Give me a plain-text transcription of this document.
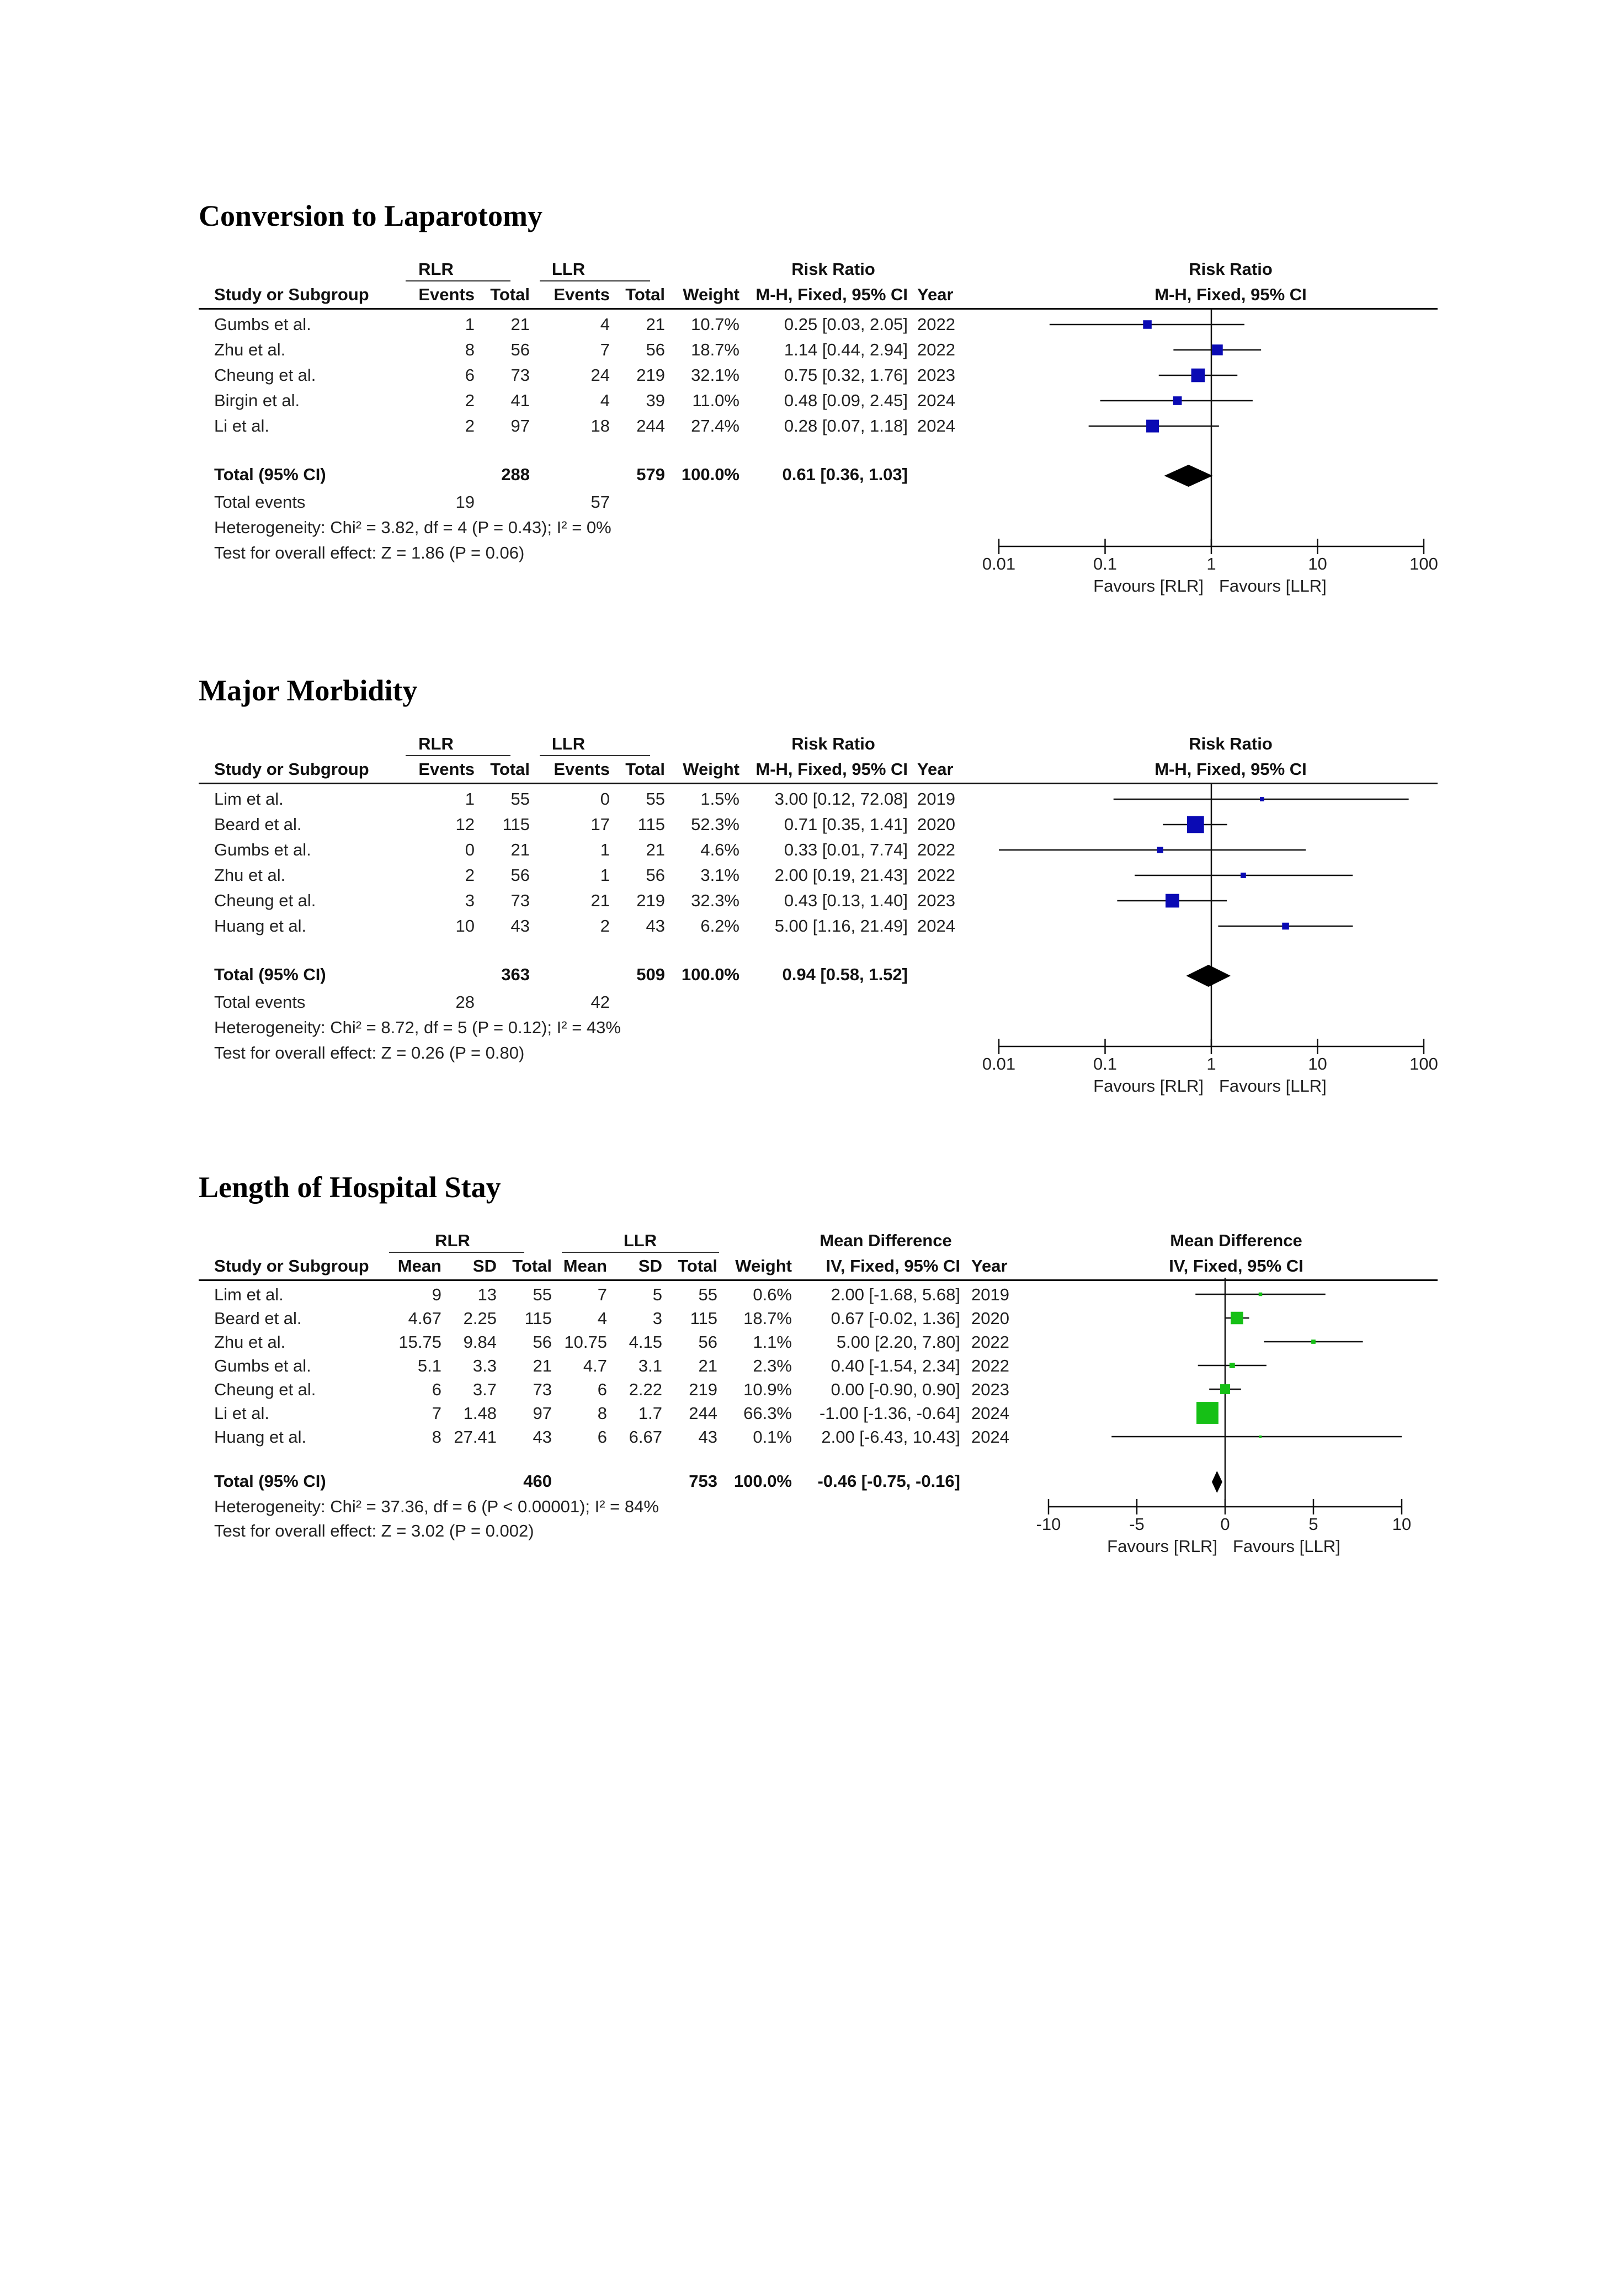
Conversion to Laparotomy
RLR	LLR	Risk Ratio	Risk Ratio
Study or Subgroup	Events Total	Events Total	Weight M-H, Fixed, 95% CI Year	M-H, Fixed, 95% CI
Gumbs et al.	1	21	4	21	10.7%	0.25 [0.03, 2.05] 2022
Zhu et al.	8	56	7	56	18.7%	1.14 [0.44, 2.94] 2022
Cheung et al.	6	73	24	219	32.1%	0.75 [0.32, 1.76] 2023
Birgin et al.	2	41	4	39	11.0%	0.48 [0.09, 2.45] 2024
Li et al.	2	97	18	244	27.4%	0.28 [0.07, 1.18] 2024
Total (95% CI)	288	579 100.0%	0.61 [0.36, 1.03]
Total events	19	57
Heterogeneity: Chi² = 3.82, df = 4 (P = 0.43); I² = 0%
Test for overall effect: Z = 1.86 (P = 0.06)
0.01	0.1	1	10	100
Favours [RLR] Favours [LLR]
Major Morbidity
RLR	LLR	Risk Ratio	Risk Ratio
Study or Subgroup	Events Total	Events Total	Weight M-H, Fixed, 95% CI Year	M-H, Fixed, 95% CI
Lim et al.	1	55	0	55	1.5%	3.00 [0.12, 72.08] 2019
Beard et al.	12	115	17	115	52.3%	0.71 [0.35, 1.41] 2020
Gumbs et al.	0	21	1	21	4.6%	0.33 [0.01, 7.74] 2022
Zhu et al.	2	56	1	56	3.1%	2.00 [0.19, 21.43] 2022
Cheung et al.	3	73	21	219	32.3%	0.43 [0.13, 1.40] 2023
Huang et al.	10	43	2	43	6.2%	5.00 [1.16, 21.49] 2024
Total (95% CI)	363	509 100.0%	0.94 [0.58, 1.52]
Total events	28	42
Heterogeneity: Chi² = 8.72, df = 5 (P = 0.12); I² = 43%
Test for overall effect: Z = 0.26 (P = 0.80)
0.01	0.1	1	10	100
Favours [RLR] Favours [LLR]
Length of Hospital Stay
RLR	LLR	Mean Difference	Mean Difference
Study or Subgroup	Mean	SD Total Mean	SD Total	Weight	IV, Fixed, 95% CI Year	IV, Fixed, 95% CI
Lim et al.	9	13	55	7	5	55	0.6%	2.00 [-1.68, 5.68] 2019
Beard et al.	4.67	2.25	115	4	3	115	18.7%	0.67 [-0.02, 1.36] 2020
Zhu et al.	15.75	9.84	56 10.75	4.15	56	1.1%	5.00 [2.20, 7.80] 2022
Gumbs et al.	5.1	3.3	21	4.7	3.1	21	2.3%	0.40 [-1.54, 2.34] 2022
Cheung et al.	6	3.7	73	6	2.22	219	10.9%	0.00 [-0.90, 0.90] 2023
Li et al.	7	1.48	97	8	1.7	244	66.3%	-1.00 [-1.36, -0.64] 2024
Huang et al.	8 27.41	43	6	6.67	43	0.1%	2.00 [-6.43, 10.43] 2024
Total (95% CI)	460	753 100.0%	-0.46 [-0.75, -0.16]
Heterogeneity: Chi² = 37.36, df = 6 (P < 0.00001); I² = 84%
Test for overall effect: Z = 3.02 (P = 0.002)	-10	-5	0	5	10
Favours [RLR] Favours [LLR]
